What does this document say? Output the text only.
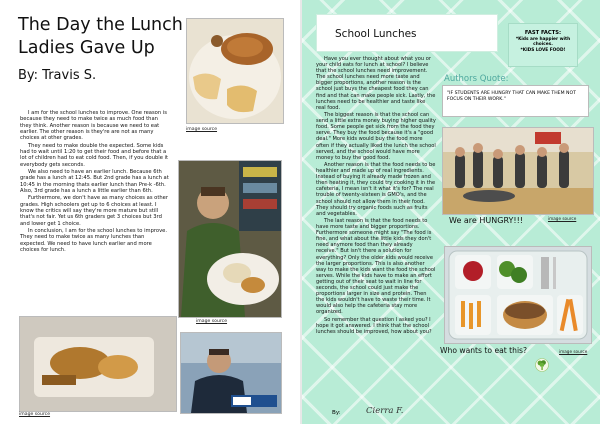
The Day the Lunch Ladies Gave Up
By: Travis S.
image source

I am for the school lunches to improve. One reason is because they need to make twice as much food than they think. Another reason is because we need to eat earlier. The other reason is they're are not as many choices at other grades.

They need to make double the expected. Some kids had to wait until 1:20 to get their food and before that a lot of children had to eat cold food. Then, if you double it everybody gets seconds.

We also need to have an earlier lunch. Because 6th grade has a lunch at 12:45. But 2nd grade has a lunch at 10:45 in the morning thats earlier lunch than Pre-k -6th. Also, 3rd grade has a lunch a little earlier than 6th.

Furthermore, we don't have as many choices as other grades. High schoolers get up to 6 choices at least. I know the critics will say they're more mature but still that's not fair. Yet us 6th graders get 3 choices but 3rd and lower get 1 choice.

In conclusion, I am for the school lunches to improve. They need to make twice as many lunches than expected. We need to have lunch earlier and more choices for lunch.

image source
image source
School Lunches	FAST FACTS:
*Kids are happier with choices.
*KIDS LOVE FOOD!

Have you ever thought about what you or your child eats for lunch at school? I believe that the school lunches need improvement. The school lunches need more taste and bigger proportions, another reason is the school just buys the cheapest food they can find and that can make people sick. Lastly, the lunches need to be healthier and taste like real food.

The biggest reason is that the school can send a little extra money buying higher quality food. Some people get sick from the food they serve. They buy the food because it's a "good deal." More kids would buy the food more often if they actually liked the lunch the school served, and the school would have more money to buy the good food.

Another reason is that the food needs to be healthier and made up of real ingredients. Instead of buying it already made frozen and then heating it, they could try cooking it in the cafeteria, I mean isn't it what it's for? The real trouble of twenty-sixteen is GMO's, and the school should not allow them in their food. They should try organic foods such as fruits and vegetables.

The last reason is that the food needs to have more taste and bigger proportions. Furthermore someone might say "The food is fine, and what about the little kids they don't need anymore food than they already receive." But isn't there a solution for everything? Only the older kids would receive the larger proportions. This is also another way to make the kids want the food the school serves. While the kids have to make an effort getting out of their seat to wait in line for seconds, the school could just make the proportions larger in size and protein. Then the kids wouldn't have to waste their time. It would also help the cafeteria stay more organized.

So remember that question I asked you? I hope it got answered. I think that the school lunches should be improved, how about you?

By:	Cierra F.
Authors Quote:
"IF STUDENTS ARE HUNGRY THAT CAN MAKE THEM NOT FOCUS ON THEIR WORK."
We are HUNGRY!!!	image source
Who wants to eat this?	image source
